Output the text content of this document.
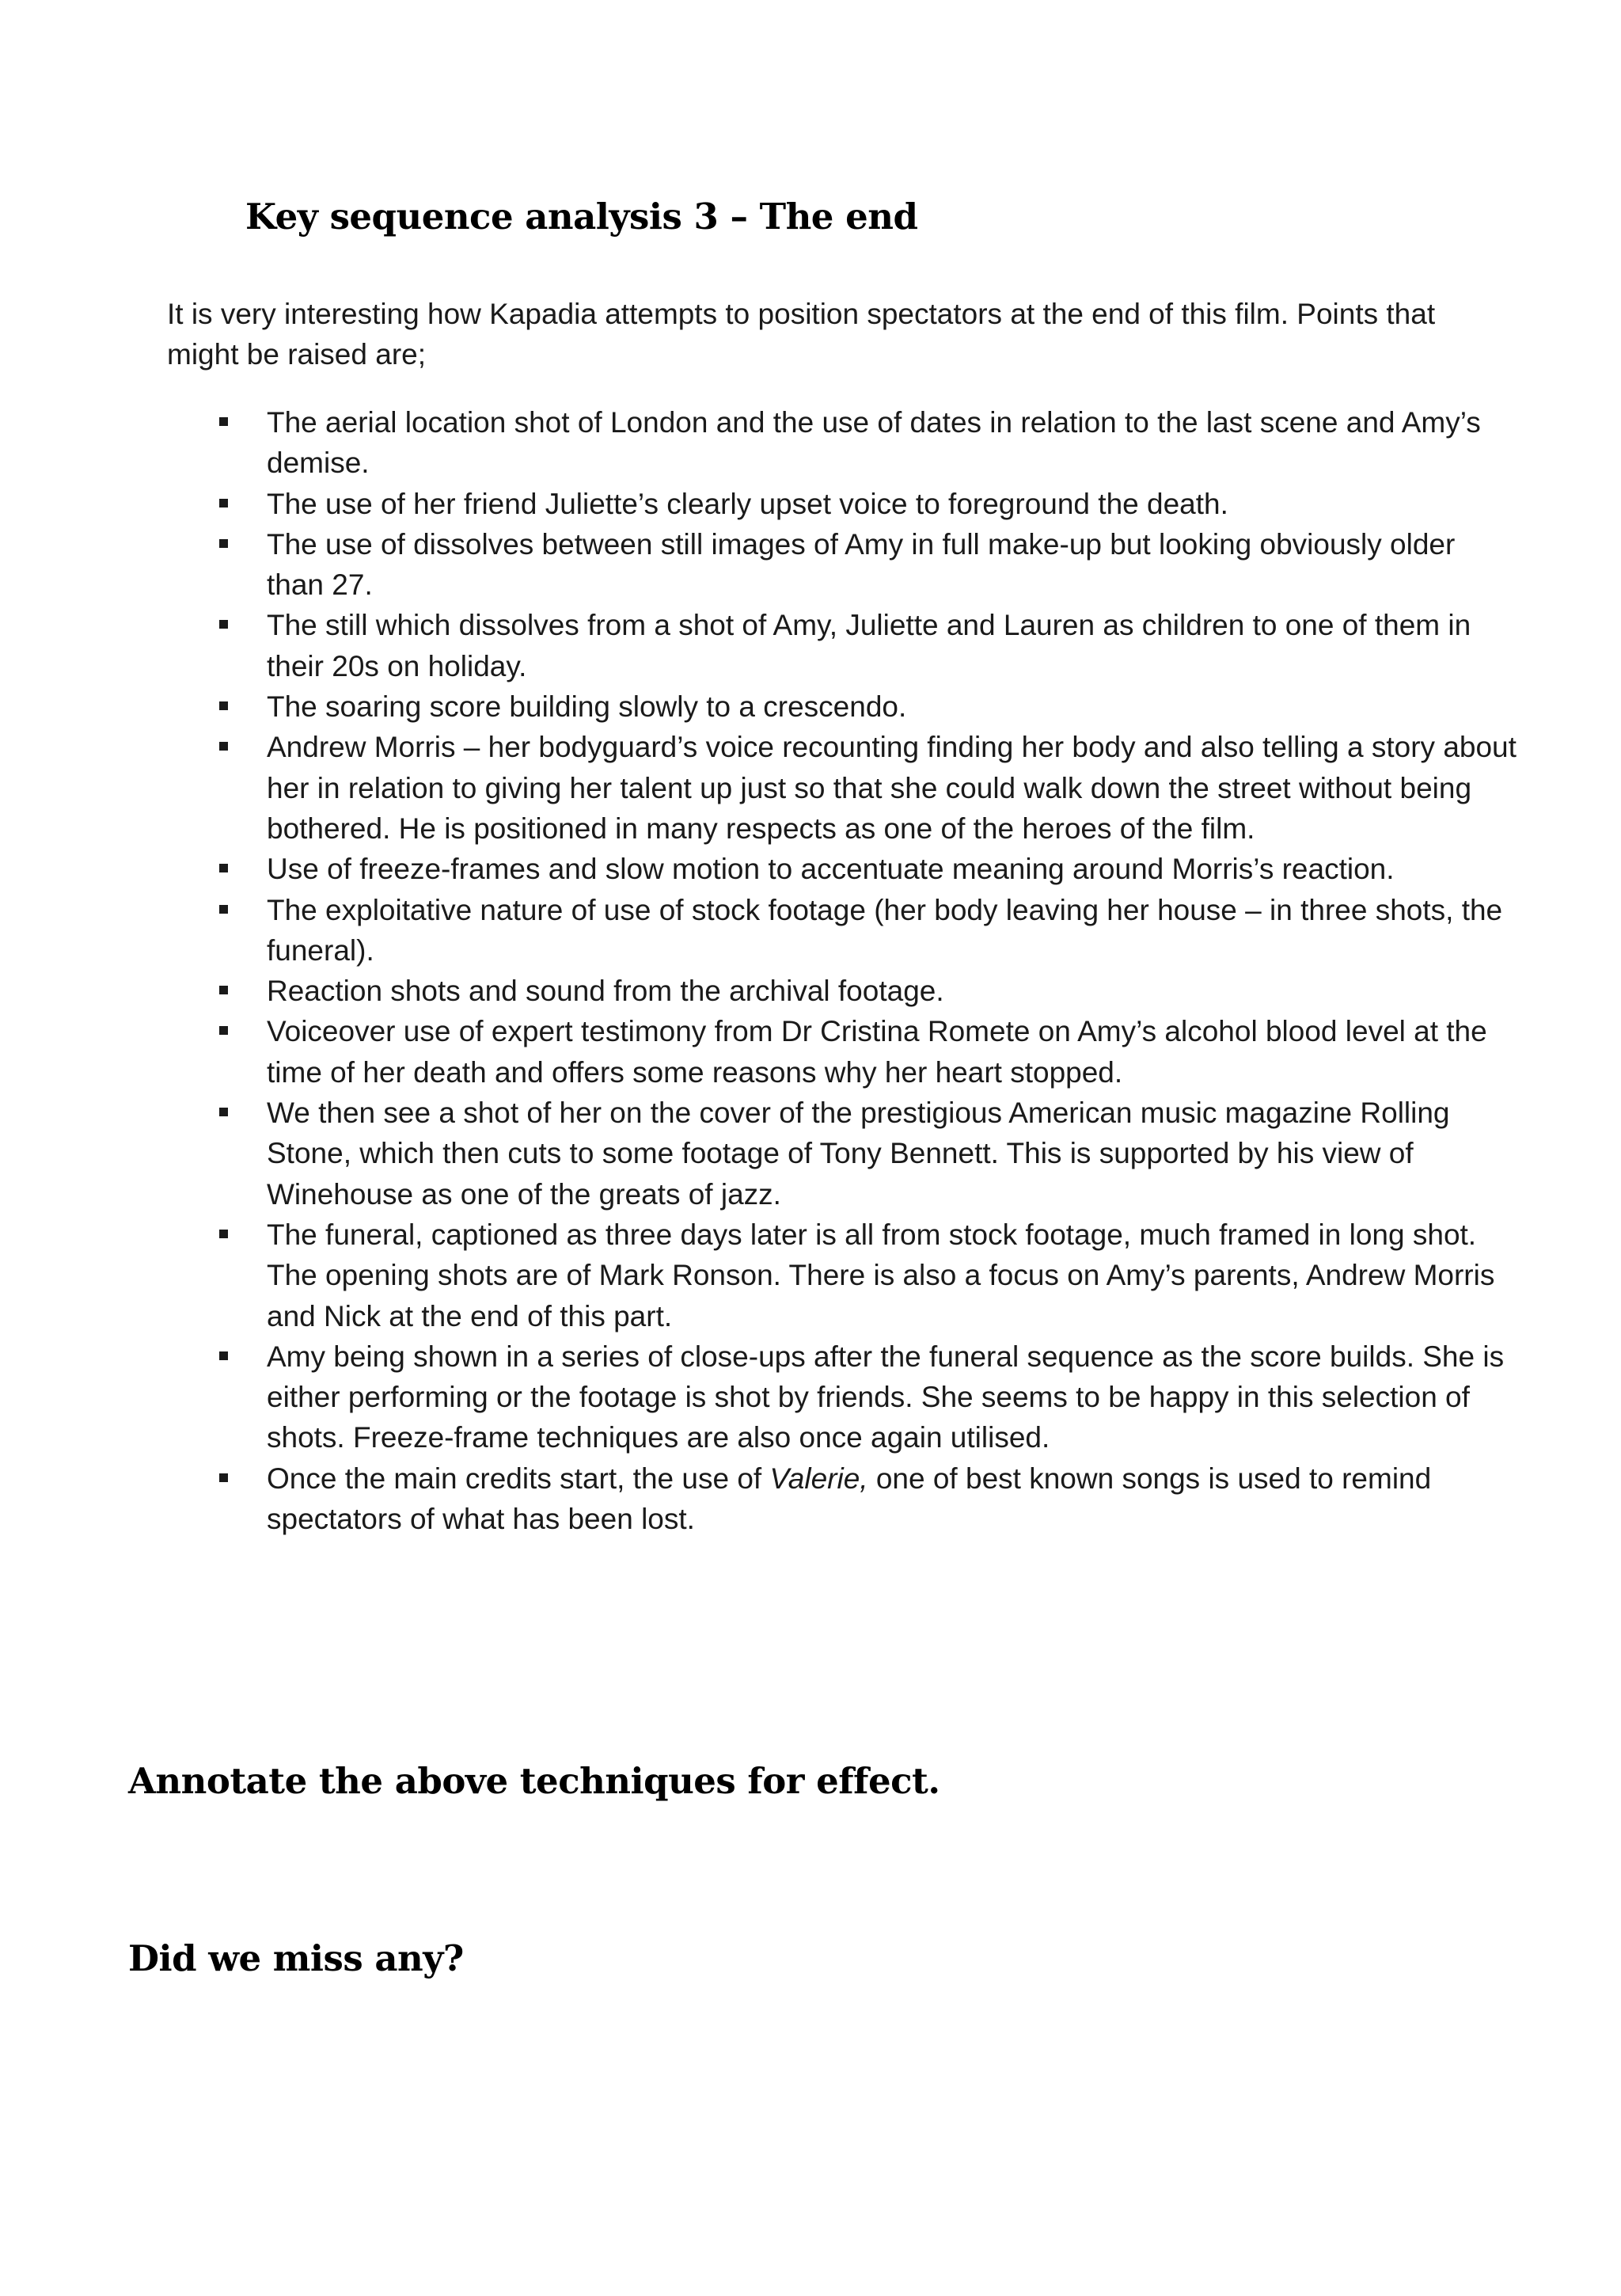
Key sequence analysis 3 – The end

It is very interesting how Kapadia attempts to position spectators at the end of this film. Points that might be raised are;

The aerial location shot of London and the use of dates in relation to the last scene and Amy’s demise.
The use of her friend Juliette’s clearly upset voice to foreground the death.
The use of dissolves between still images of Amy in full make-up but looking obviously older than 27.
The still which dissolves from a shot of Amy, Juliette and Lauren as children to one of them in their 20s on holiday.
The soaring score building slowly to a crescendo.
Andrew Morris – her bodyguard’s voice recounting finding her body and also telling a story about her in relation to giving her talent up just so that she could walk down the street without being bothered. He is positioned in many respects as one of the heroes of the film.
Use of freeze-frames and slow motion to accentuate meaning around Morris’s reaction.
The exploitative nature of use of stock footage (her body leaving her house – in three shots, the funeral).
Reaction shots and sound from the archival footage.
Voiceover use of expert testimony from Dr Cristina Romete on Amy’s alcohol blood level at the time of her death and offers some reasons why her heart stopped.
We then see a shot of her on the cover of the prestigious American music magazine Rolling Stone, which then cuts to some footage of Tony Bennett. This is supported by his view of Winehouse as one of the greats of jazz.
The funeral, captioned as three days later is all from stock footage, much framed in long shot. The opening shots are of Mark Ronson. There is also a focus on Amy’s parents, Andrew Morris and Nick at the end of this part.
Amy being shown in a series of close-ups after the funeral sequence as the score builds. She is either performing or the footage is shot by friends. She seems to be happy in this selection of shots. Freeze-frame techniques are also once again utilised.
Once the main credits start, the use of Valerie, one of best known songs is used to remind spectators of what has been lost.
Annotate the above techniques for effect.
Did we miss any?
